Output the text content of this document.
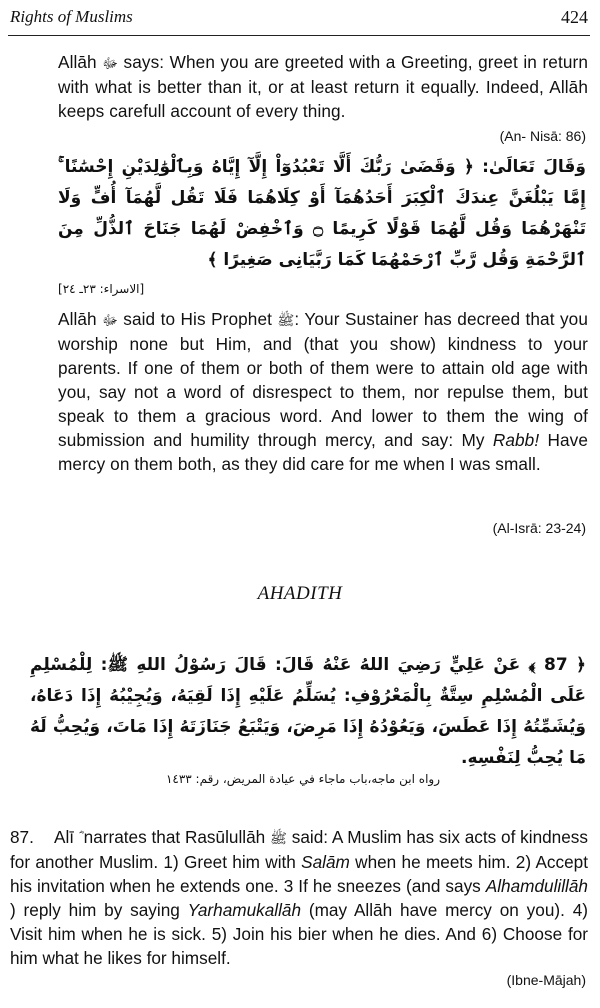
Rights of Muslims	424

Allāh ﷻ says: When you are greeted with a Greeting, greet in return with what is better than it, or at least return it equally. Indeed, Allāh keeps carefull account of every thing.

(An- Nisā: 86)
وَقَالَ تَعَالَىٰ: ﴿ وَقَضَىٰ رَبُّكَ أَلَّا تَعْبُدُوٓاْ إِلَّآ إِيَّاهُ وَبِٱلْوَٰلِدَيْنِ إِحْسَٰنًا ۚ إِمَّا يَبْلُغَنَّ عِندَكَ ٱلْكِبَرَ أَحَدُهُمَآ أَوْ كِلَاهُمَا فَلَا تَقُل لَّهُمَآ أُفٍّ وَلَا تَنْهَرْهُمَا وَقُل لَّهُمَا قَوْلًا كَرِيمًا ۝ وَٱخْفِضْ لَهُمَا جَنَاحَ ٱلذُّلِّ مِنَ ٱلرَّحْمَةِ وَقُل رَّبِّ ٱرْحَمْهُمَا كَمَا رَبَّيَانِى صَغِيرًا ﴾
[الاسراء: ٢٣ـ ٢٤]

Allāh ﷻ said to His Prophet ﷺ: Your Sustainer has decreed that you worship none but Him, and (that you show) kindness to your parents. If one of them or both of them were to attain old age with you, say not a word of disrespect to them, nor repulse them, but speak to them a gracious word. And lower to them the wing of submission and humility through mercy, and say: My Rabb! Have mercy on them both, as they did care for me when I was small.

(Al-Isrā: 23-24)
AHADITH
﴿ 87 ﴾ عَنْ عَلِيٍّ رَضِيَ اللهُ عَنْهُ قَالَ: قَالَ رَسُوْلُ اللهِ ﷺ: لِلْمُسْلِمِ عَلَى الْمُسْلِمِ سِتَّةٌ بِالْمَعْرُوْفِ: يُسَلِّمُ عَلَيْهِ إِذَا لَقِيَهُ، وَيُجِيْبُهُ إِذَا دَعَاهُ، وَيُشَمِّتُهُ إِذَا عَطَسَ، وَيَعُوْدُهُ إِذَا مَرِضَ، وَيَتْبَعُ جَنَازَتَهُ إِذَا مَاتَ، وَيُحِبُّ لَهُ مَا يُحِبُّ لِنَفْسِهِ.
رواه ابن ماجه،باب ماجاء في عيادة المريض، رقم: ١٤٣٣

87. Alī narrates that Rasūlullāh ﷺ said: A Muslim has six acts of kindness for another Muslim. 1) Greet him with Salām when he meets him. 2) Accept his invitation when he extends one. 3 If he sneezes (and says Alhamdulillāh ) reply him by saying Yarhamukallāh (may Allāh have mercy on you). 4) Visit him when he is sick. 5) Join his bier when he dies. And 6) Choose for him what he likes for himself.

(Ibne-Mājah)
